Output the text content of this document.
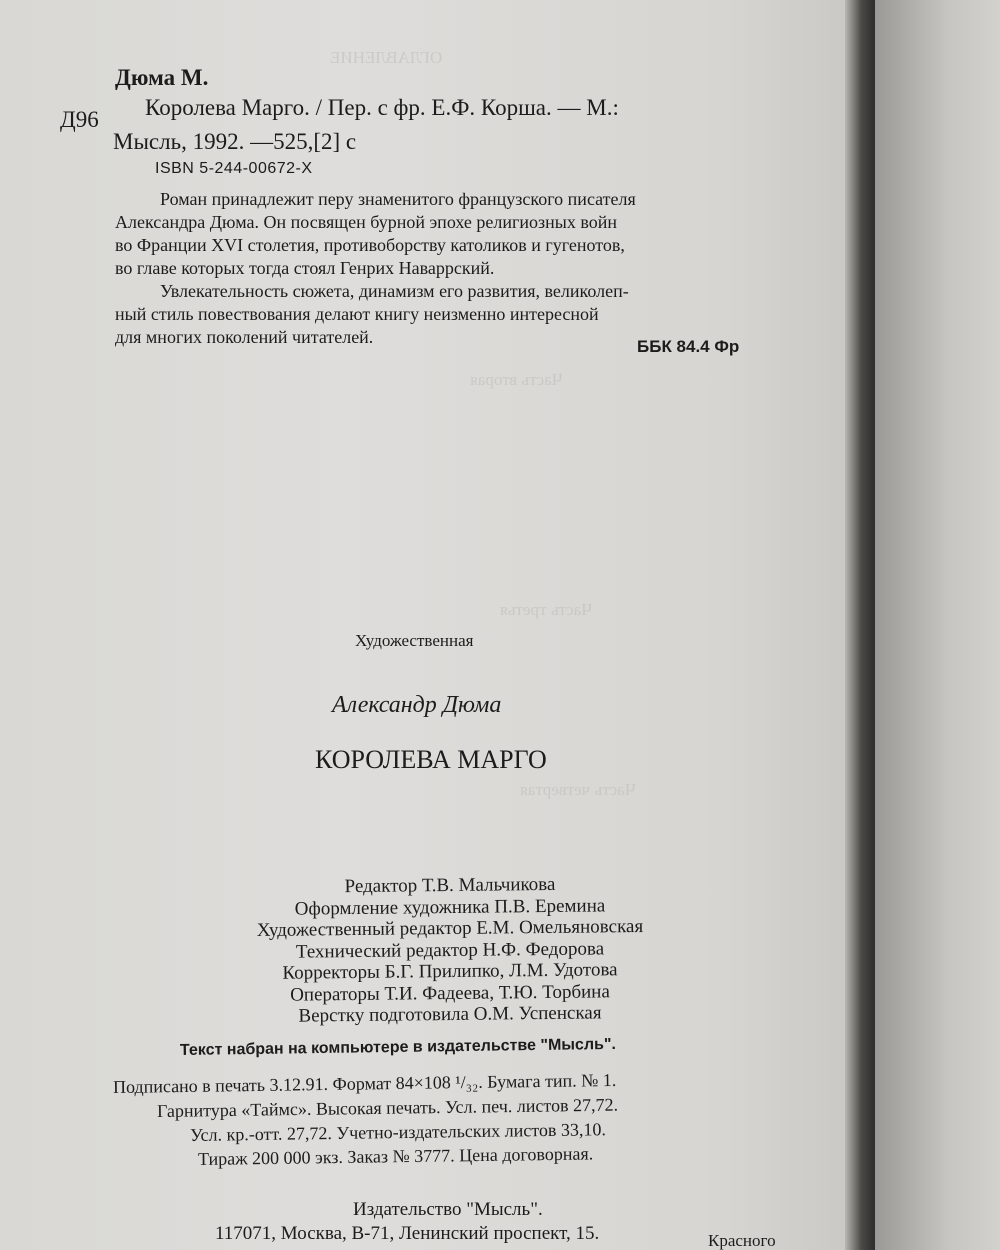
ОГЛАВЛЕНИЕ
Часть вторая
Часть третья
Часть четвертая
Дюма М.
Д96 Королева Марго. / Пер. с фр. Е.Ф. Корша. — М.:
Мысль, 1992. —525,[2] с
ISBN 5-244-00672-X
Роман принадлежит перу знаменитого французского писателя
Александра Дюма. Он посвящен бурной эпохе религиозных войн
во Франции XVI столетия, противоборству католиков и гугенотов,
во главе которых тогда стоял Генрих Наваррский.
Увлекательность сюжета, динамизм его развития, великолеп-
ный стиль повествования делают книгу неизменно интересной
для многих поколений читателей.	ББК 84.4 Фр
Художественная
Александр Дюма
КОРОЛЕВА МАРГО
Редактор Т.В. Мальчикова
Оформление художника П.В. Еремина
Художественный редактор Е.М. Омельяновская
Технический редактор Н.Ф. Федорова
Корректоры Б.Г. Прилипко, Л.М. Удотова
Операторы Т.И. Фадеева, Т.Ю. Торбина
Верстку подготовила О.М. Успенская
Текст набран на компьютере в издательстве "Мысль".
Подписано в печать 3.12.91. Формат 84×108 ¹/₃₂. Бумага тип. № 1.
Гарнитура «Таймс». Высокая печать. Усл. печ. листов 27,72.
Усл. кр.-отт. 27,72. Учетно-издательских листов 33,10.
Тираж 200 000 экз. Заказ № 3777. Цена договорная.
Издательство "Мысль".
117071, Москва, В-71, Ленинский проспект, 15.	Красного
